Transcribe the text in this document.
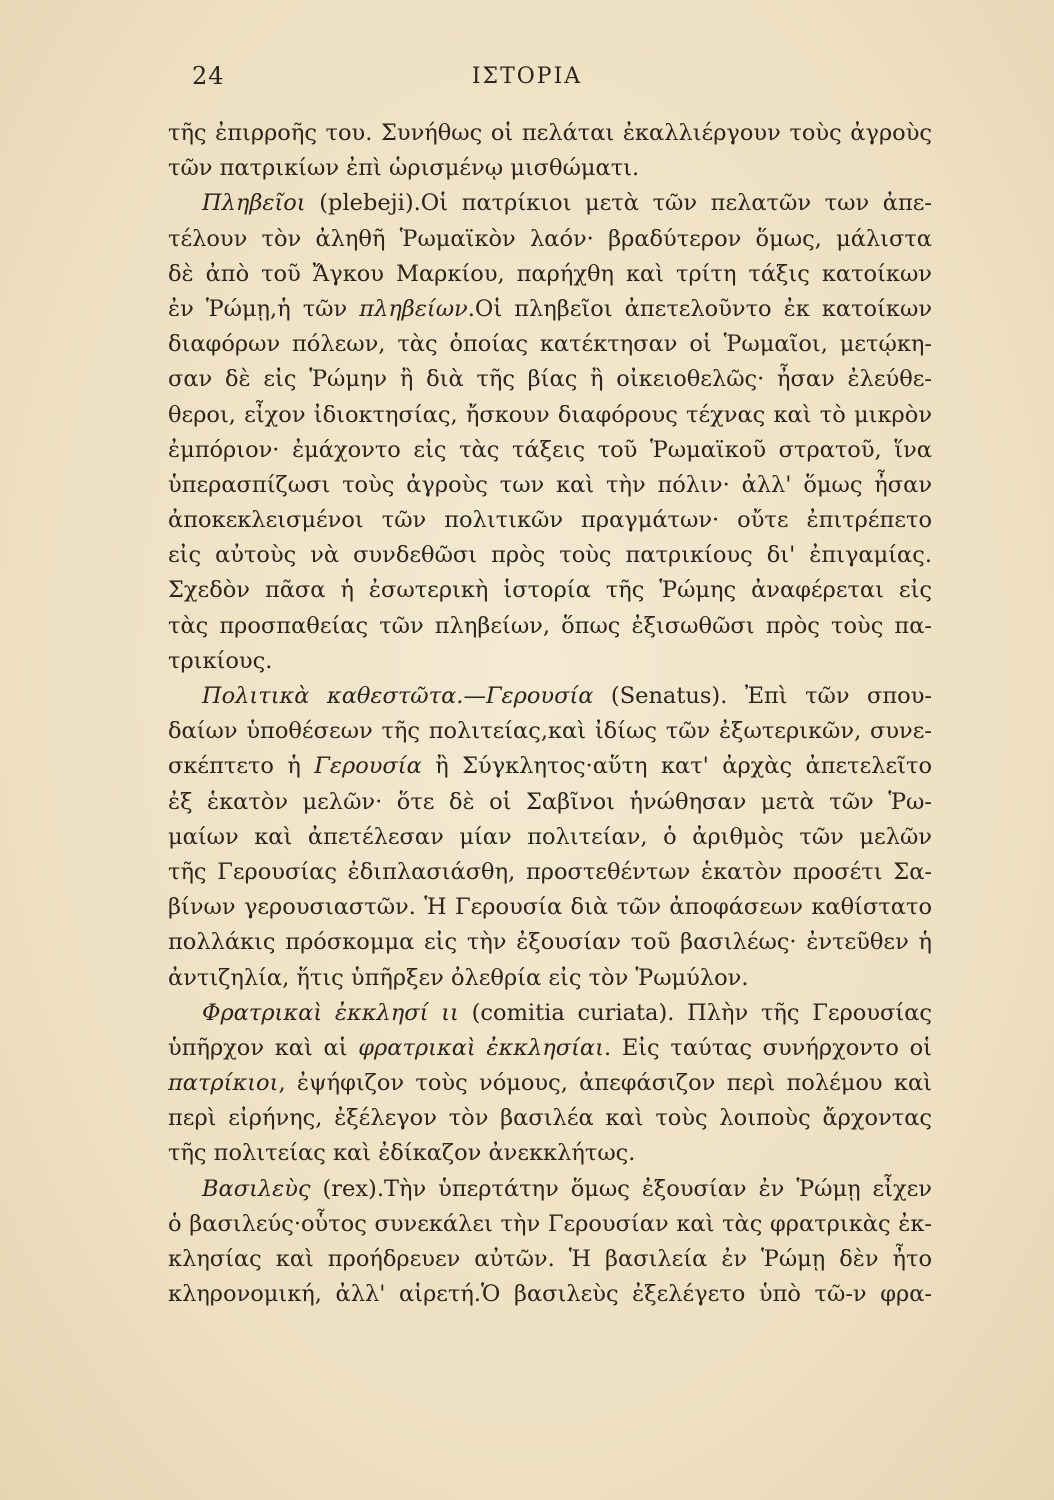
24	ΙΣΤΟΡΙΑ
τῆς ἐπιρροῆς του. Συνήθως οἱ πελάται ἐκαλλιέργουν τοὺς ἀγροὺς
τῶν πατρικίων ἐπὶ ὡρισμένῳ μισθώματι.
Πληβεῖοι (plebeji).Οἱ πατρίκιοι μετὰ τῶν πελατῶν των ἀπε-
τέλουν τὸν ἀληθῆ Ῥωμαϊκὸν λαόν· βραδύτερον ὅμως, μάλιστα
δὲ ἀπὸ τοῦ Ἄγκου Μαρκίου, παρήχθη καὶ τρίτη τάξις κατοίκων
ἐν Ῥώμῃ,ἡ τῶν πληβείων.Οἱ πληβεῖοι ἀπετελοῦντο ἐκ κατοίκων
διαφόρων πόλεων, τὰς ὁποίας κατέκτησαν οἱ Ῥωμαῖοι, μετῴκη-
σαν δὲ εἰς Ῥώμην ἢ διὰ τῆς βίας ἢ οἰκειοθελῶς· ἦσαν ἐλεύθε-
θεροι, εἶχον ἰδιοκτησίας, ἤσκουν διαφόρους τέχνας καὶ τὸ μικρὸν
ἐμπόριον· ἐμάχοντο εἰς τὰς τάξεις τοῦ Ῥωμαϊκοῦ στρατοῦ, ἵνα
ὑπερασπίζωσι τοὺς ἀγροὺς των καὶ τὴν πόλιν· ἀλλ' ὅμως ἦσαν
ἀποκεκλεισμένοι τῶν πολιτικῶν πραγμάτων· οὔτε ἐπιτρέπετο
εἰς αὐτοὺς νὰ συνδεθῶσι πρὸς τοὺς πατρικίους δι' ἐπιγαμίας.
Σχεδὸν πᾶσα ἡ ἐσωτερικὴ ἱστορία τῆς Ῥώμης ἀναφέρεται εἰς
τὰς προσπαθείας τῶν πληβείων, ὅπως ἐξισωθῶσι πρὸς τοὺς πα-
τρικίους.
Πολιτικὰ καθεστῶτα.—Γερουσία (Senatus). Ἐπὶ τῶν σπου-
δαίων ὑποθέσεων τῆς πολιτείας,καὶ ἰδίως τῶν ἐξωτερικῶν, συνε-
σκέπτετο ἡ Γερουσία ἢ Σύγκλητος·αὕτη κατ' ἀρχὰς ἀπετελεῖτο
ἐξ ἑκατὸν μελῶν· ὅτε δὲ οἱ Σαβῖνοι ἡνώθησαν μετὰ τῶν Ῥω-
μαίων καὶ ἀπετέλεσαν μίαν πολιτείαν, ὁ ἀριθμὸς τῶν μελῶν
τῆς Γερουσίας ἐδιπλασιάσθη, προστεθέντων ἑκατὸν προσέτι Σα-
βίνων γερουσιαστῶν. Ἡ Γερουσία διὰ τῶν ἀποφάσεων καθίστατο
πολλάκις πρόσκομμα εἰς τὴν ἐξουσίαν τοῦ βασιλέως· ἐντεῦθεν ἡ
ἀντιζηλία, ἥτις ὑπῆρξεν ὀλεθρία εἰς τὸν Ῥωμύλον.
Φρατρικαὶ ἐκκλησί ιι (comitia curiata). Πλὴν τῆς Γερουσίας
ὑπῆρχον καὶ αἱ φρατρικαὶ ἐκκλησίαι. Εἰς ταύτας συνήρχοντο οἱ
πατρίκιοι, ἐψήφιζον τοὺς νόμους, ἀπεφάσιζον περὶ πολέμου καὶ
περὶ εἰρήνης, ἐξέλεγον τὸν βασιλέα καὶ τοὺς λοιποὺς ἄρχοντας
τῆς πολιτείας καὶ ἐδίκαζον ἀνεκκλήτως.
Βασιλεὺς (rex).Τὴν ὑπερτάτην ὅμως ἐξουσίαν ἐν Ῥώμῃ εἶχεν
ὁ βασιλεύς·οὗτος συνεκάλει τὴν Γερουσίαν καὶ τὰς φρατρικὰς ἐκ-
κλησίας καὶ προήδρευεν αὐτῶν. Ἡ βασιλεία ἐν Ῥώμῃ δὲν ἦτο
κληρονομική, ἀλλ' αἱρετή.Ὁ βασιλεὺς ἐξελέγετο ὑπὸ τῶ-ν φρα-
